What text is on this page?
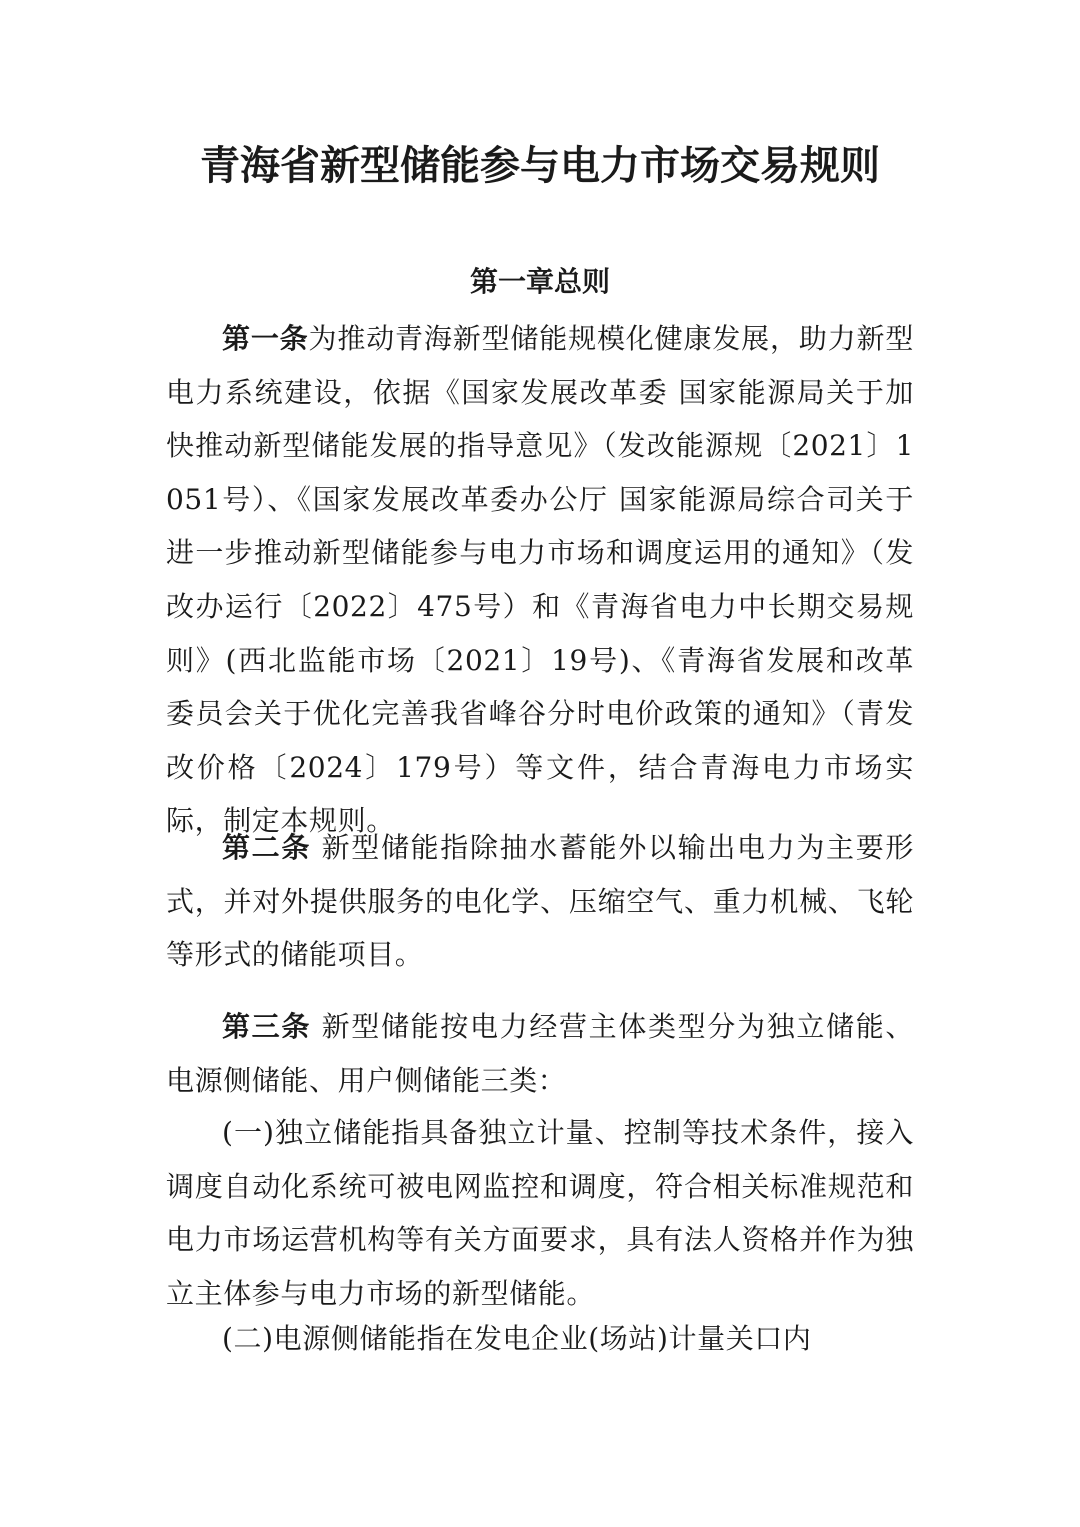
青海省新型储能参与电力市场交易规则
第一章总则

第一条为推动青海新型储能规模化健康发展，助力新型电力系统建设，依据《国家发展改革委 国家能源局关于加快推动新型储能发展的指导意见》（发改能源规〔2021〕1051号）、《国家发展改革委办公厅 国家能源局综合司关于进一步推动新型储能参与电力市场和调度运用的通知》（发改办运行〔2022〕475号）和《青海省电力中长期交易规则》(西北监能市场〔2021〕19号)、《青海省发展和改革委员会关于优化完善我省峰谷分时电价政策的通知》（青发改价格〔2024〕179号）等文件，结合青海电力市场实际，制定本规则。

第二条 新型储能指除抽水蓄能外以输出电力为主要形式，并对外提供服务的电化学、压缩空气、重力机械、飞轮等形式的储能项目。

第三条 新型储能按电力经营主体类型分为独立储能、电源侧储能、用户侧储能三类：

(一)独立储能指具备独立计量、控制等技术条件，接入调度自动化系统可被电网监控和调度，符合相关标准规范和电力市场运营机构等有关方面要求，具有法人资格并作为独立主体参与电力市场的新型储能。

(二)电源侧储能指在发电企业(场站)计量关口内
